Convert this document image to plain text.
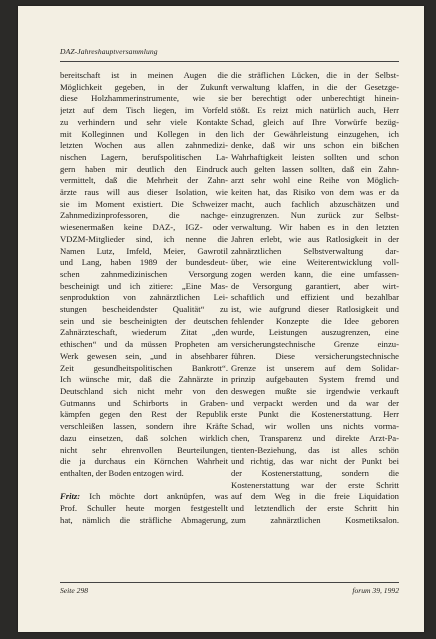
DAZ-Jahreshauptversammlung

bereitschaft ist in meinen Augen die
Möglichkeit gegeben, in der Zukunft
diese Holzhammerinstrumente, wie sie
jetzt auf dem Tisch liegen, im Vorfeld
zu verhindern und sehr viele Kontakte
mit Kolleginnen und Kollegen in den
letzten Wochen aus allen zahnmedizi-
nischen Lagern, berufspolitischen La-
gern haben mir deutlich den Eindruck
vermittelt, daß die Mehrheit der Zahn-
ärzte raus will aus dieser Isolation, wie
sie im Moment existiert. Die Schweizer
Zahnmedizinprofessoren, die nachge-
wiesenermaßen keine DAZ-, IGZ- oder
VDZM-Mitglieder sind, ich nenne die
Namen Lutz, Imfeld, Meier, Gawrotil
und Lang, haben 1989 der bundesdeut-
schen zahnmedizinischen Versorgung
bescheinigt und ich zitiere: „Eine Mas-
senproduktion von zahnärztlichen Lei-
stungen bescheidendster Qualität“ zu
sein und sie bescheinigten der deutschen
Zahnärzteschaft, wiederum Zitat „den
ethischen“ und da müssen Propheten am
Werk gewesen sein, „und in absehbarer
Zeit gesundheitspolitischen Bankrott“.
Ich wünsche mir, daß die Zahnärzte in
Deutschland sich nicht mehr von den
Gutmanns und Schirborts in Graben-
kämpfen gegen den Rest der Republik
verschleißen lassen, sondern ihre Kräfte
dazu einsetzen, daß solchen wirklich
nicht sehr ehrenvollen Beurteilungen,
die ja durchaus ein Körnchen Wahrheit
enthalten, der Boden entzogen wird.

Fritz: Ich möchte dort anknüpfen, was
Prof. Schuller heute morgen festgestellt
hat, nämlich die sträfliche Abmagerung,

die sträflichen Lücken, die in der Selbst-
verwaltung klaffen, in die der Gesetzge-
ber berechtigt oder unberechtigt hinein-
stößt. Es reizt mich natürlich auch, Herr
Schad, gleich auf Ihre Vorwürfe bezüg-
lich der Gewährleistung einzugehen, ich
denke, daß wir uns schon ein bißchen
Wahrhaftigkeit leisten sollten und schon
auch gelten lassen sollten, daß ein Zahn-
arzt sehr wohl eine Reihe von Möglich-
keiten hat, das Risiko von dem was er da
macht, auch fachlich abzuschätzen und
einzugrenzen. Nun zurück zur Selbst-
verwaltung. Wir haben es in den letzten
Jahren erlebt, wie aus Ratlosigkeit in der
zahnärztlichen Selbstverwaltung dar-
über, wie eine Weiterentwicklung voll-
zogen werden kann, die eine umfassen-
de Versorgung garantiert, aber wirt-
schaftlich und effizient und bezahlbar
ist, wie aufgrund dieser Ratlosigkeit und
fehlender Konzepte die Idee geboren
wurde, Leistungen auszugrenzen, eine
versicherungstechnische Grenze einzu-
führen. Diese versicherungstechnische
Grenze ist unserem auf dem Solidar-
prinzip aufgebauten System fremd und
deswegen mußte sie irgendwie verkauft
und verpackt werden und da war der
erste Punkt die Kostenerstattung. Herr
Schad, wir wollen uns nichts vorma-
chen, Transparenz und direkte Arzt-Pa-
tienten-Beziehung, das ist alles schön
und richtig, das war nicht der Punkt bei
der Kostenerstattung, sondern die
Kostenerstattung war der erste Schritt
auf dem Weg in die freie Liquidation
und letztendlich der erste Schritt hin
zum zahnärztlichen Kosmetiksalon.

Seite 298	forum 39, 1992
